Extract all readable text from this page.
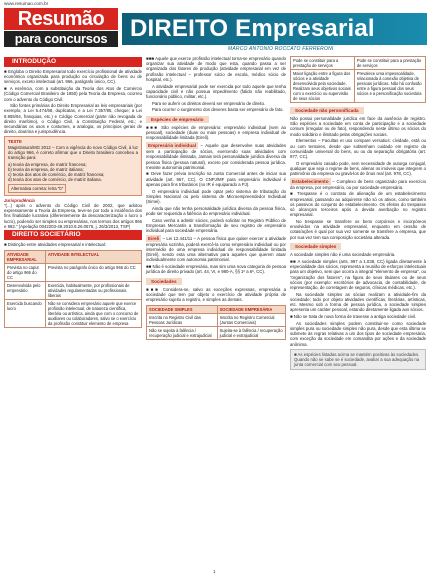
www.resumao.com.br
Resumão
para concursos DIREITO Empresarial
MARCO ANTONIO ROCCATO FERRERONI
INTRODUÇÃO

■ Engloba o Direito Empresarial todo exercício profissional de atividade econômica organizada para produção ou circulação de bens ou de serviços, exceto intelectual (art. 966, parágrafo único, CC).

■ A essência, com a substituição da Teoria dos Atos de Comércio (Código Comercial Brasileiro de 1850) pela Teoria da Empresa, ocorreu com o advento do Código Civil.

São fontes primárias do Direito Empresarial as leis empresariais (por exemplo, a Lei 5.474/68, duplicatas, e a Lei 7.357/85, cheque; a Lei 8.955/94, franquias, etc.) e Código Comercial (parte não revogada de direito marítimo), o Código Civil, a Constituição Federal, etc.; e secundárias os usos e costumes, a analogia, os princípios gerais de direito, doutrina e jurisprudência.

TESTE

Magistratura/MG 2012 – Com a vigência do novo Código Civil, à luz do artigo 966, é correto afirmar que o Direito brasileiro concebeu a transição para:

a) teoria da empresa, de matriz francesa;

b) teoria da empresa, de matriz italiana;

c) teoria dos atos de comércio, de matriz francesa;

d) teoria dos atos de comércio, de matriz italiana.

Alternativa correta: letra "b"

Jurisprudência

"(...) após o advento do Código Civil de 2002, que adotou expressamente a Teoria da Empresa, teve-se por todo a incidência dos fins finalidade lucrativa (diferentemente da descaracterização o lucro o lucro), podendo ser simples ou empresárias, nos termos dos artigos 966 e 982." (Apelação 0042203-49.2010.8.26.0576, j. 26/3/2013, TSP)

DIREITO SOCIETÁRIO

■ Distinção entre atividades empresarial e intelectual:

ATIVIDADE EMPRESARIAL	ATIVIDADE INTELECTUAL
Prevista no caput do artigo 966 do CC	Prevista no parágrafo único do artigo 966 do CC
Desenvolvida pelo empresário	Exercida, habitualmente, por profissionais de atividades regulamentadas ou profissionais liberais
Exercida buscando lucro	Não se considera empresário aquele que exerce profissão intelectual, de natureza científica, literária ou artística, ainda que com o concurso de auxiliares ou colaboradores, salvo se o exercício da profissão constituir elemento de empresa

■■■ Aquele que exerce profissão intelectual torna-se empresário quando organizar sua atividade de modo que esta, quando passa a ser organizada dos fatores de produção (atividade empresarial em vez de profissão intelectual – professor sócio de escola, médico sócio de hospital, etc.).

A atividade empresarial pode ser exercida por todo aquele que tenha capacidade civil e não possua impedimento (falido não reabilitado, funcionário público, militar, etc.).

Para se auferir os direitos deverá ser empresário de direito.

Para ocorrer o surgimento dos deveres basta ser empresário de fato.

Espécies de empresário

■■■ São espécies de empresário: empresário individual (sem ao pessoal), sociedade (duas ou mais pessoas) e empresa individual de responsabilidade limitada (Eireli).

Empresário individual – Aquele que desenvolve suas atividades sem a participação de sócios, exercendo suas atividades com responsabilidade ilimitada, Jamais terá personalidade jurídica diversa da pessoa física (pessoa natural), exceto por considerada pessoa jurídica. Inexiste autonomia patrimonial.

■ Deve fazer prévia inscrição na Junta Comercial antes de iniciar sua atividade (art. 967, CC). O CNPJ/MF para empresário individual é apenas para fins tributários (no IR é equiparado a PJ).

O empresário individual pode optar pelo sistema de tributação do Simples Nacional ou pelo sistema de Microempreendedor Individual (Simei).

Ainda que não tenha personalidade jurídica diversa da pessoa física, pode ser requerida a falência do empresário individual.

Caso venha a admitir sócios, poderá solicitar no Registro Público de Empresas Mercantis a transformação de seu registro de empresário individual para sociedade empresária.

Eireli – Lei 12.441/11 – A pessoa física que quiser exercer a atividade empresária sozinha, poderá exercê-la como empresário individual ou por intermédio de uma empresa individual de responsabilidade limitada (Eireli), sendo esta uma alternativa para aqueles que querem atuar individualmente com autonomia patrimonial.

■■ Não é sociedade empresária, mas sim uma nova categoria de pessoa jurídica de direito privado (art. 44, VI, e 980-A, §§ 1º a 6º, CC).

Sociedades

■■■ Considera-se, salvo as exceções expressas, empresária a sociedade que tem por objeto o exercício de atividade própria de empresário sujeito a registro, e simples as demais.

SOCIEDADE SIMPLES	SOCIEDADE EMPRESÁRIA
Inscrita no Registro Civil das Pessoas Jurídicas	Inscrita no Registro Comercial (Juntas Comerciais)
Não se sujeita à falência / recuperação judicial e extrajudicial	Sujeita-se à falência / recuperação judicial e extrajudicial
Pode se constituir para a prestação de serviços	Pode se constituir para a prestação de serviços
Maior ligação entre a figura dos sócios e a atividade desenvolvida pela sociedade. Realizam seus objetivos sociais com o exercício ou supervisão de seus sócios	Prevalece uma impessoalidade, relacionada à conexão objetiva de pessoas jurídicas. Não há confusão entre a figura pessoal dos seus sócios e a personificação societária
Sociedade não personificada

Não possui personalidade jurídica em face da ausência de registro. São espécies a sociedade em conta de participação e a sociedade comum (irregular ou de fato), respondendo neste último os sócios do modo solidário e ilimitado pelas obrigações sociais.

Elementos – Facultas et uso compare versatius: cívidade, está ou ou com tentoires, desde que sobtenham cuidado em registro da comunidade universal do bens, ou ou da separação obrigatória (art. 977, CC).

O empresário casado pode, sem necessidade de outorga conjugal, qualquer que seja o regime de bens, alienar os imóveis que integrem o patrimônio da empresa ou gravá-los de ônus real (art. 978, CC).

Estabelecimento – Complexo de bens organizado para exercício da empresa, por empresário, ou por sociedade empresária.

■ Trespasse é o contrato de alienação de um estabelecimento empresarial, passando ao adquirente não só os ativos, como também os passivos do conjunto de estabelecimento. Os efeitos do trespasse só alcançam terceiros após a devida averbação no registro empresarial.

No trespasse se transfere os bens corpóreos e incorpóreos envolvidos na atividade empresarial, enquanto em cessão de cotas/ações é qual por sua vez somente se transfere a empresa, que por sua vez tem sua composição societária alterada.

Sociedade simples

A sociedade simples não é uma sociedade empresária.

■■ A sociedade simples (arts. 997 a 1.038, CC) ligada diretamente à especialidade dos sócios, representa a reunião de esforços intelectuais para um objetivo, sem que ocorra a integral "elemento de empresa", ou "organização dos fatores", na figura de seus titulares ou de seus sócios (por exemplo: escritórios de advocacia, de contabilidade, de representação, de corretagem de seguros, clínicas médicas, etc.).

Na sociedade simples as sócias realizam a atividade-fim da sociedade; todo por objeto atividades científicas, literárias, artísticas, etc. Mesmo sob a forma de pessoa jurídica, a sociedade simples apresenta um caráter pessoal, estando diretamente ligada aos sócios.

■ Não se trata de nova forma de travesse a antiga sociedade civil.

As sociedades simples podem constituir-se como sociedade simples pura ou sociedade simples não pura, desde que esta última se submete às regras relativas a um dos tipos de sociedade empresária, com exceção da sociedade em comandita por ações e da sociedade anônima.

■ As espécies listadas acima se mantém positivas às sociedades. Quando não se sabe se é sociedade, avaliar a sua adequação na junta comercial com seu pessoal.
1
